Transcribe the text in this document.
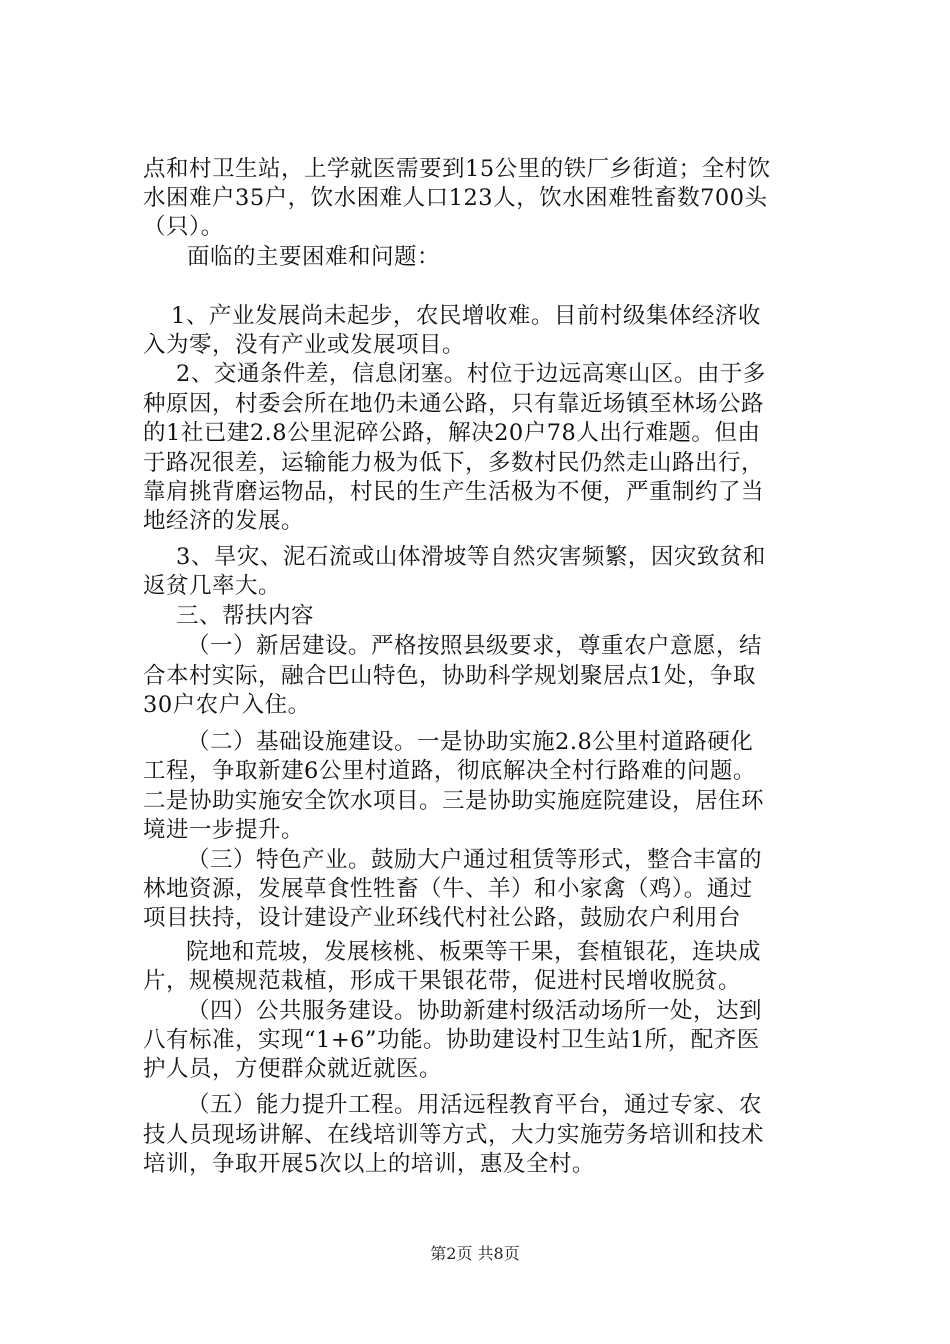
点和村卫生站，上学就医需要到15公里的铁厂乡街道；全村饮
水困难户35户，饮水困难人口123人，饮水困难牲畜数700头
（只）。
面临的主要困难和问题：
1、产业发展尚未起步，农民增收难。目前村级集体经济收
入为零，没有产业或发展项目。
2、交通条件差，信息闭塞。村位于边远高寒山区。由于多
种原因，村委会所在地仍未通公路，只有靠近场镇至林场公路
的1社已建2.8公里泥碎公路，解决20户78人出行难题。但由
于路况很差，运输能力极为低下，多数村民仍然走山路出行，
靠肩挑背磨运物品，村民的生产生活极为不便，严重制约了当
地经济的发展。
3、旱灾、泥石流或山体滑坡等自然灾害频繁，因灾致贫和
返贫几率大。
三、帮扶内容
（一）新居建设。严格按照县级要求，尊重农户意愿，结
合本村实际，融合巴山特色，协助科学规划聚居点1处，争取
30户农户入住。
（二）基础设施建设。一是协助实施2.8公里村道路硬化
工程，争取新建6公里村道路，彻底解决全村行路难的问题。
二是协助实施安全饮水项目。三是协助实施庭院建设，居住环
境进一步提升。
（三）特色产业。鼓励大户通过租赁等形式，整合丰富的
林地资源，发展草食性牲畜（牛、羊）和小家禽（鸡）。通过
项目扶持，设计建设产业环线代村社公路，鼓励农户利用台
院地和荒坡，发展核桃、板栗等干果，套植银花，连块成
片，规模规范栽植，形成干果银花带，促进村民增收脱贫。
（四）公共服务建设。协助新建村级活动场所一处，达到
八有标准，实现“1+6”功能。协助建设村卫生站1所，配齐医
护人员，方便群众就近就医。
（五）能力提升工程。用活远程教育平台，通过专家、农
技人员现场讲解、在线培训等方式，大力实施劳务培训和技术
培训，争取开展5次以上的培训，惠及全村。
第2页 共8页
